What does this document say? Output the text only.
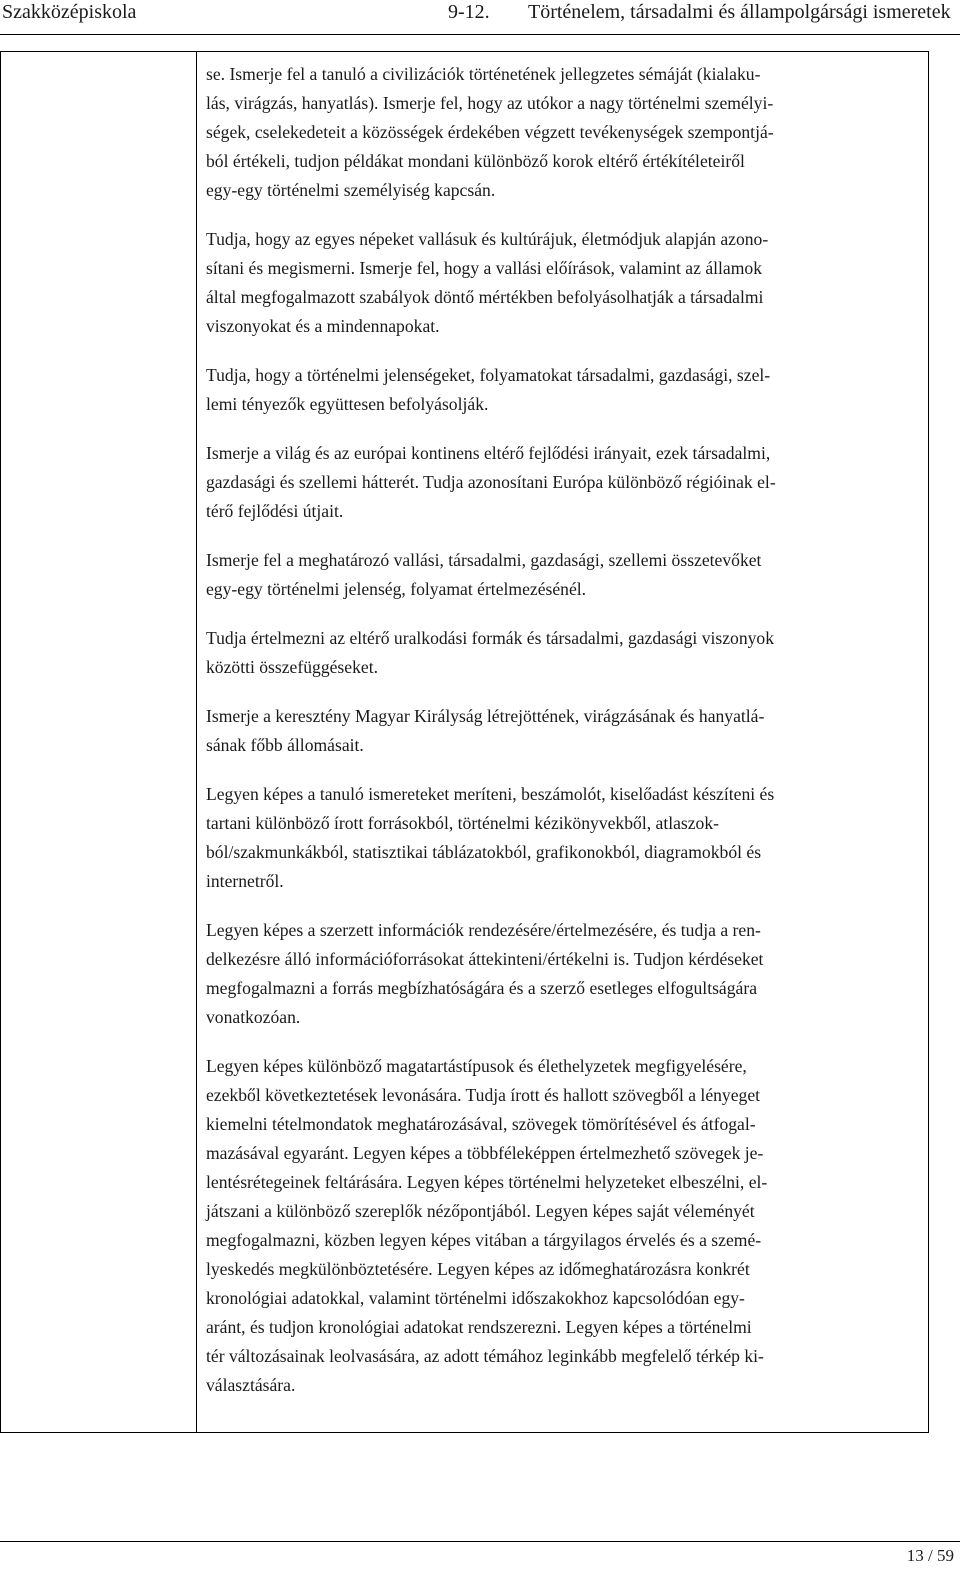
Szakközépiskola	9-12. Történelem, társadalmi és állampolgársági ismeretek

se. Ismerje fel a tanuló a civilizációk történetének jellegzetes sémáját (kialaku-
lás, virágzás, hanyatlás). Ismerje fel, hogy az utókor a nagy történelmi személyi-
ségek, cselekedeteit a közösségek érdekében végzett tevékenységek szempontjá-
ból értékeli, tudjon példákat mondani különböző korok eltérő értékítéleteiről
egy-egy történelmi személyiség kapcsán.

Tudja, hogy az egyes népeket vallásuk és kultúrájuk, életmódjuk alapján azono-
sítani és megismerni. Ismerje fel, hogy a vallási előírások, valamint az államok
által megfogalmazott szabályok döntő mértékben befolyásolhatják a társadalmi
viszonyokat és a mindennapokat.

Tudja, hogy a történelmi jelenségeket, folyamatokat társadalmi, gazdasági, szel-
lemi tényezők együttesen befolyásolják.

Ismerje a világ és az európai kontinens eltérő fejlődési irányait, ezek társadalmi,
gazdasági és szellemi hátterét. Tudja azonosítani Európa különböző régióinak el-
térő fejlődési útjait.

Ismerje fel a meghatározó vallási, társadalmi, gazdasági, szellemi összetevőket
egy-egy történelmi jelenség, folyamat értelmezésénél.

Tudja értelmezni az eltérő uralkodási formák és társadalmi, gazdasági viszonyok
közötti összefüggéseket.

Ismerje a keresztény Magyar Királyság létrejöttének, virágzásának és hanyatlá-
sának főbb állomásait.

Legyen képes a tanuló ismereteket meríteni, beszámolót, kiselőadást készíteni és
tartani különböző írott forrásokból, történelmi kézikönyvekből, atlaszok-
ból/szakmunkákból, statisztikai táblázatokból, grafikonokból, diagramokból és
internetről.

Legyen képes a szerzett információk rendezésére/értelmezésére, és tudja a ren-
delkezésre álló információforrásokat áttekinteni/értékelni is. Tudjon kérdéseket
megfogalmazni a forrás megbízhatóságára és a szerző esetleges elfogultságára
vonatkozóan.

Legyen képes különböző magatartástípusok és élethelyzetek megfigyelésére,
ezekből következtetések levonására. Tudja írott és hallott szövegből a lényeget
kiemelni tételmondatok meghatározásával, szövegek tömörítésével és átfogal-
mazásával egyaránt. Legyen képes a többféleképpen értelmezhető szövegek je-
lentésrétegeinek feltárására. Legyen képes történelmi helyzeteket elbeszélni, el-
játszani a különböző szereplők nézőpontjából. Legyen képes saját véleményét
megfogalmazni, közben legyen képes vitában a tárgyilagos érvelés és a szemé-
lyeskedés megkülönböztetésére. Legyen képes az időmeghatározásra konkrét
kronológiai adatokkal, valamint történelmi időszakokhoz kapcsolódóan egy-
aránt, és tudjon kronológiai adatokat rendszerezni. Legyen képes a történelmi
tér változásainak leolvasására, az adott témához leginkább megfelelő térkép ki-
választására.

13 / 59
